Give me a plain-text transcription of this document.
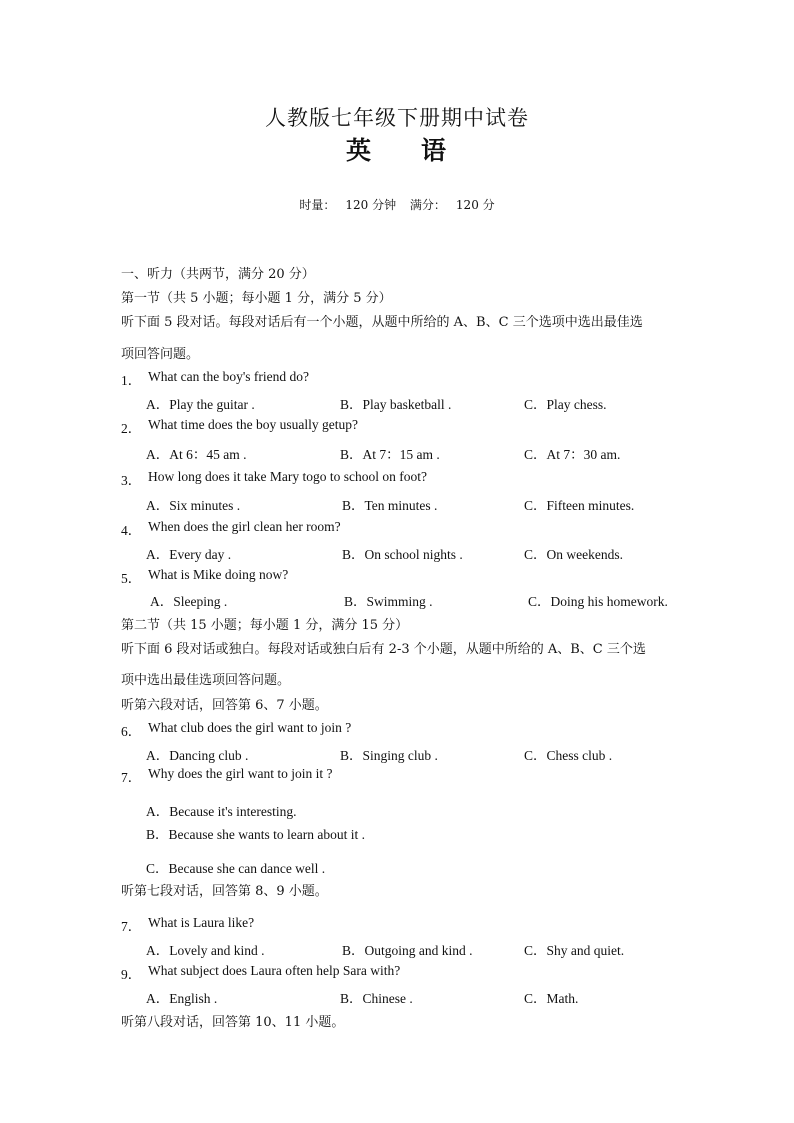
人教版七年级下册期中试卷
英 语
时量： 120 分钟 满分： 120 分
一、听力（共两节，满分 20 分）
第一节（共 5 小题；每小题 1 分，满分 5 分）
听下面 5 段对话。每段对话后有一个小题，从题中所给的 A、B、C 三个选项中选出最佳选
项回答问题。
1． What can the boy's friend do?
A．Play the guitar .	B．Play basketball .	C．Play chess.
2． What time does the boy usually getup?
A．At 6：45 am .	B．At 7：15 am .	C．At 7：30 am.
3． How long does it take Mary togo to school on foot?
A．Six minutes .	B．Ten minutes .	C．Fifteen minutes.
4． When does the girl clean her room?
A．Every day .	B．On school nights .	C．On weekends.
5． What is Mike doing now?
A．Sleeping .	B．Swimming .	C．Doing his homework.
第二节（共 15 小题；每小题 1 分，满分 15 分）
听下面 6 段对话或独白。每段对话或独白后有 2-3 个小题，从题中所给的 A、B、C 三个选
项中选出最佳选项回答问题。
听第六段对话，回答第 6、7 小题。
6． What club does the girl want to join ?
A．Dancing club .	B．Singing club .	C．Chess club .
7． Why does the girl want to join it ?
A．Because it's interesting.
B．Because she wants to learn about it .
C．Because she can dance well .
听第七段对话，回答第 8、9 小题。
7． What is Laura like?
A．Lovely and kind .	B．Outgoing and kind .	C．Shy and quiet.
9． What subject does Laura often help Sara with?
A．English .	B．Chinese .	C．Math.
听第八段对话，回答第 10、11 小题。
